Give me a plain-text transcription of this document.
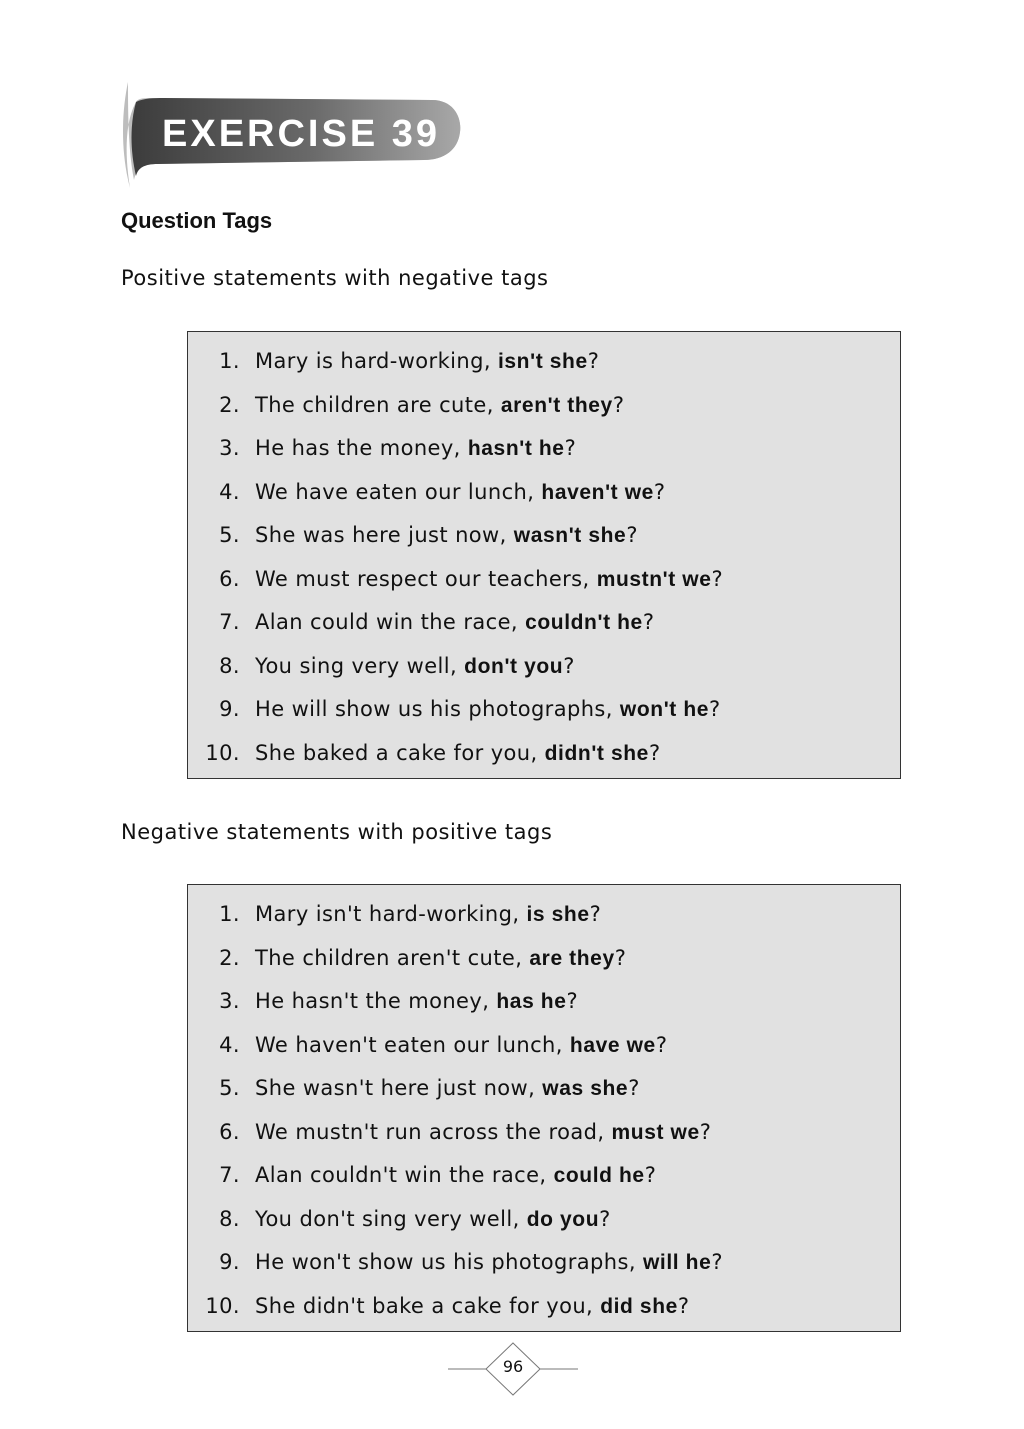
EXERCISE 39
Question Tags
Positive statements with negative tags
1. Mary is hard-working, isn't she?
2. The children are cute, aren't they?
3. He has the money, hasn't he?
4. We have eaten our lunch, haven't we?
5. She was here just now, wasn't she?
6. We must respect our teachers, mustn't we?
7. Alan could win the race, couldn't he?
8. You sing very well, don't you?
9. He will show us his photographs, won't he?
10. She baked a cake for you, didn't she?
Negative statements with positive tags
1. Mary isn't hard-working, is she?
2. The children aren't cute, are they?
3. He hasn't the money, has he?
4. We haven't eaten our lunch, have we?
5. She wasn't here just now, was she?
6. We mustn't run across the road, must we?
7. Alan couldn't win the race, could he?
8. You don't sing very well, do you?
9. He won't show us his photographs, will he?
10. She didn't bake a cake for you, did she?
96
